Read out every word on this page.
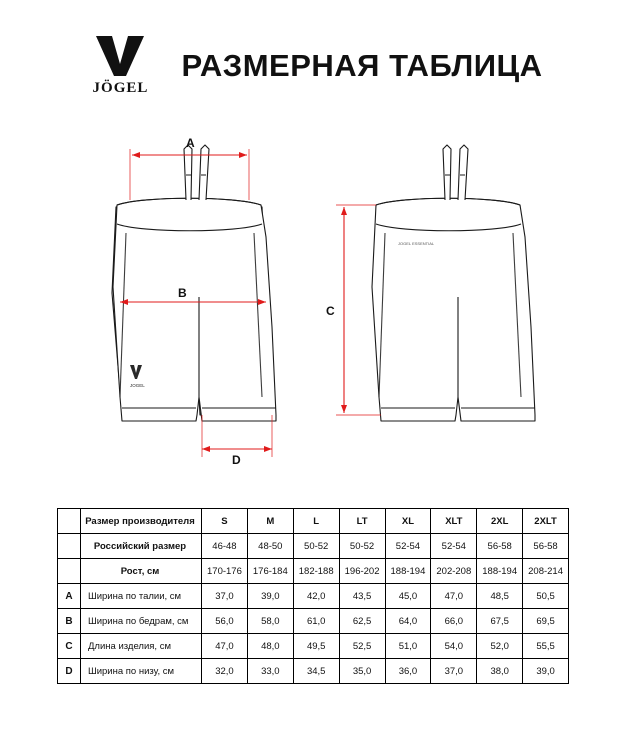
JÖGEL
РАЗМЕРНАЯ ТАБЛИЦА
JOGEL
A
B
D
JOGEL ESSENTIAL
C
	Размер производителя	S	M	L	LT	XL	XLT	2XL	2XLT
	Российский размер	46-48	48-50	50-52	50-52	52-54	52-54	56-58	56-58
	Рост, см	170-176	176-184	182-188	196-202	188-194	202-208	188-194	208-214
A	Ширина по талии, см	37,0	39,0	42,0	43,5	45,0	47,0	48,5	50,5
B	Ширина по бедрам, см	56,0	58,0	61,0	62,5	64,0	66,0	67,5	69,5
C	Длина изделия, см	47,0	48,0	49,5	52,5	51,0	54,0	52,0	55,5
D	Ширина по низу, см	32,0	33,0	34,5	35,0	36,0	37,0	38,0	39,0
